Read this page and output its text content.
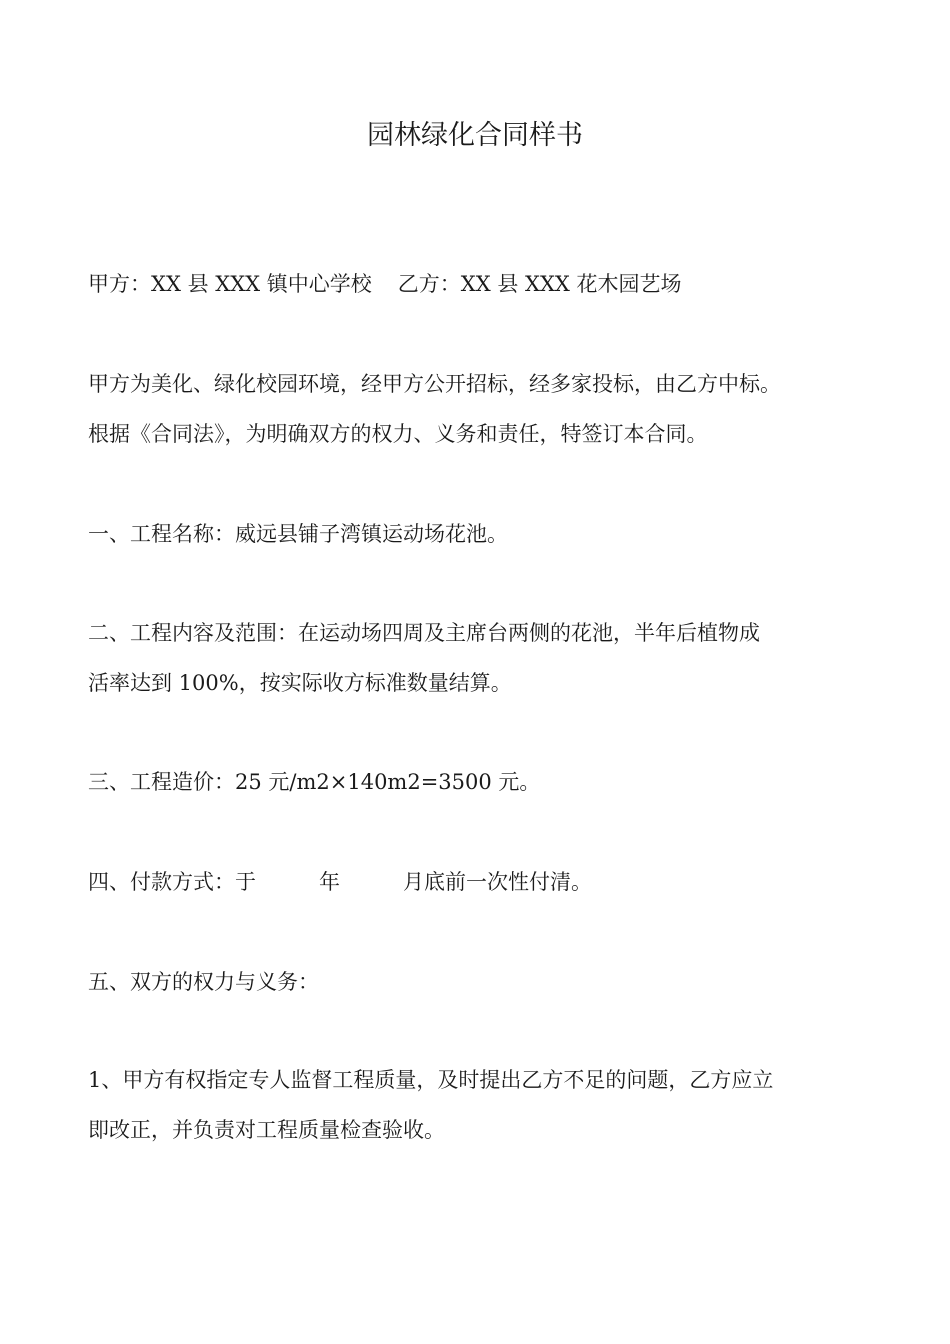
园林绿化合同样书
甲方：XX 县 XXX 镇中心学校 乙方：XX 县 XXX 花木园艺场
甲方为美化、绿化校园环境，经甲方公开招标，经多家投标，由乙方中标。
根据《合同法》，为明确双方的权力、义务和责任，特签订本合同。
一、工程名称：威远县铺子湾镇运动场花池。
二、工程内容及范围：在运动场四周及主席台两侧的花池，半年后植物成
活率达到 100%，按实际收方标准数量结算。
三、工程造价：25 元/m2×140m2=3500 元。
四、付款方式：于　　　年　　　月底前一次性付清。
五、双方的权力与义务：
1、甲方有权指定专人监督工程质量，及时提出乙方不足的问题，乙方应立
即改正，并负责对工程质量检查验收。
